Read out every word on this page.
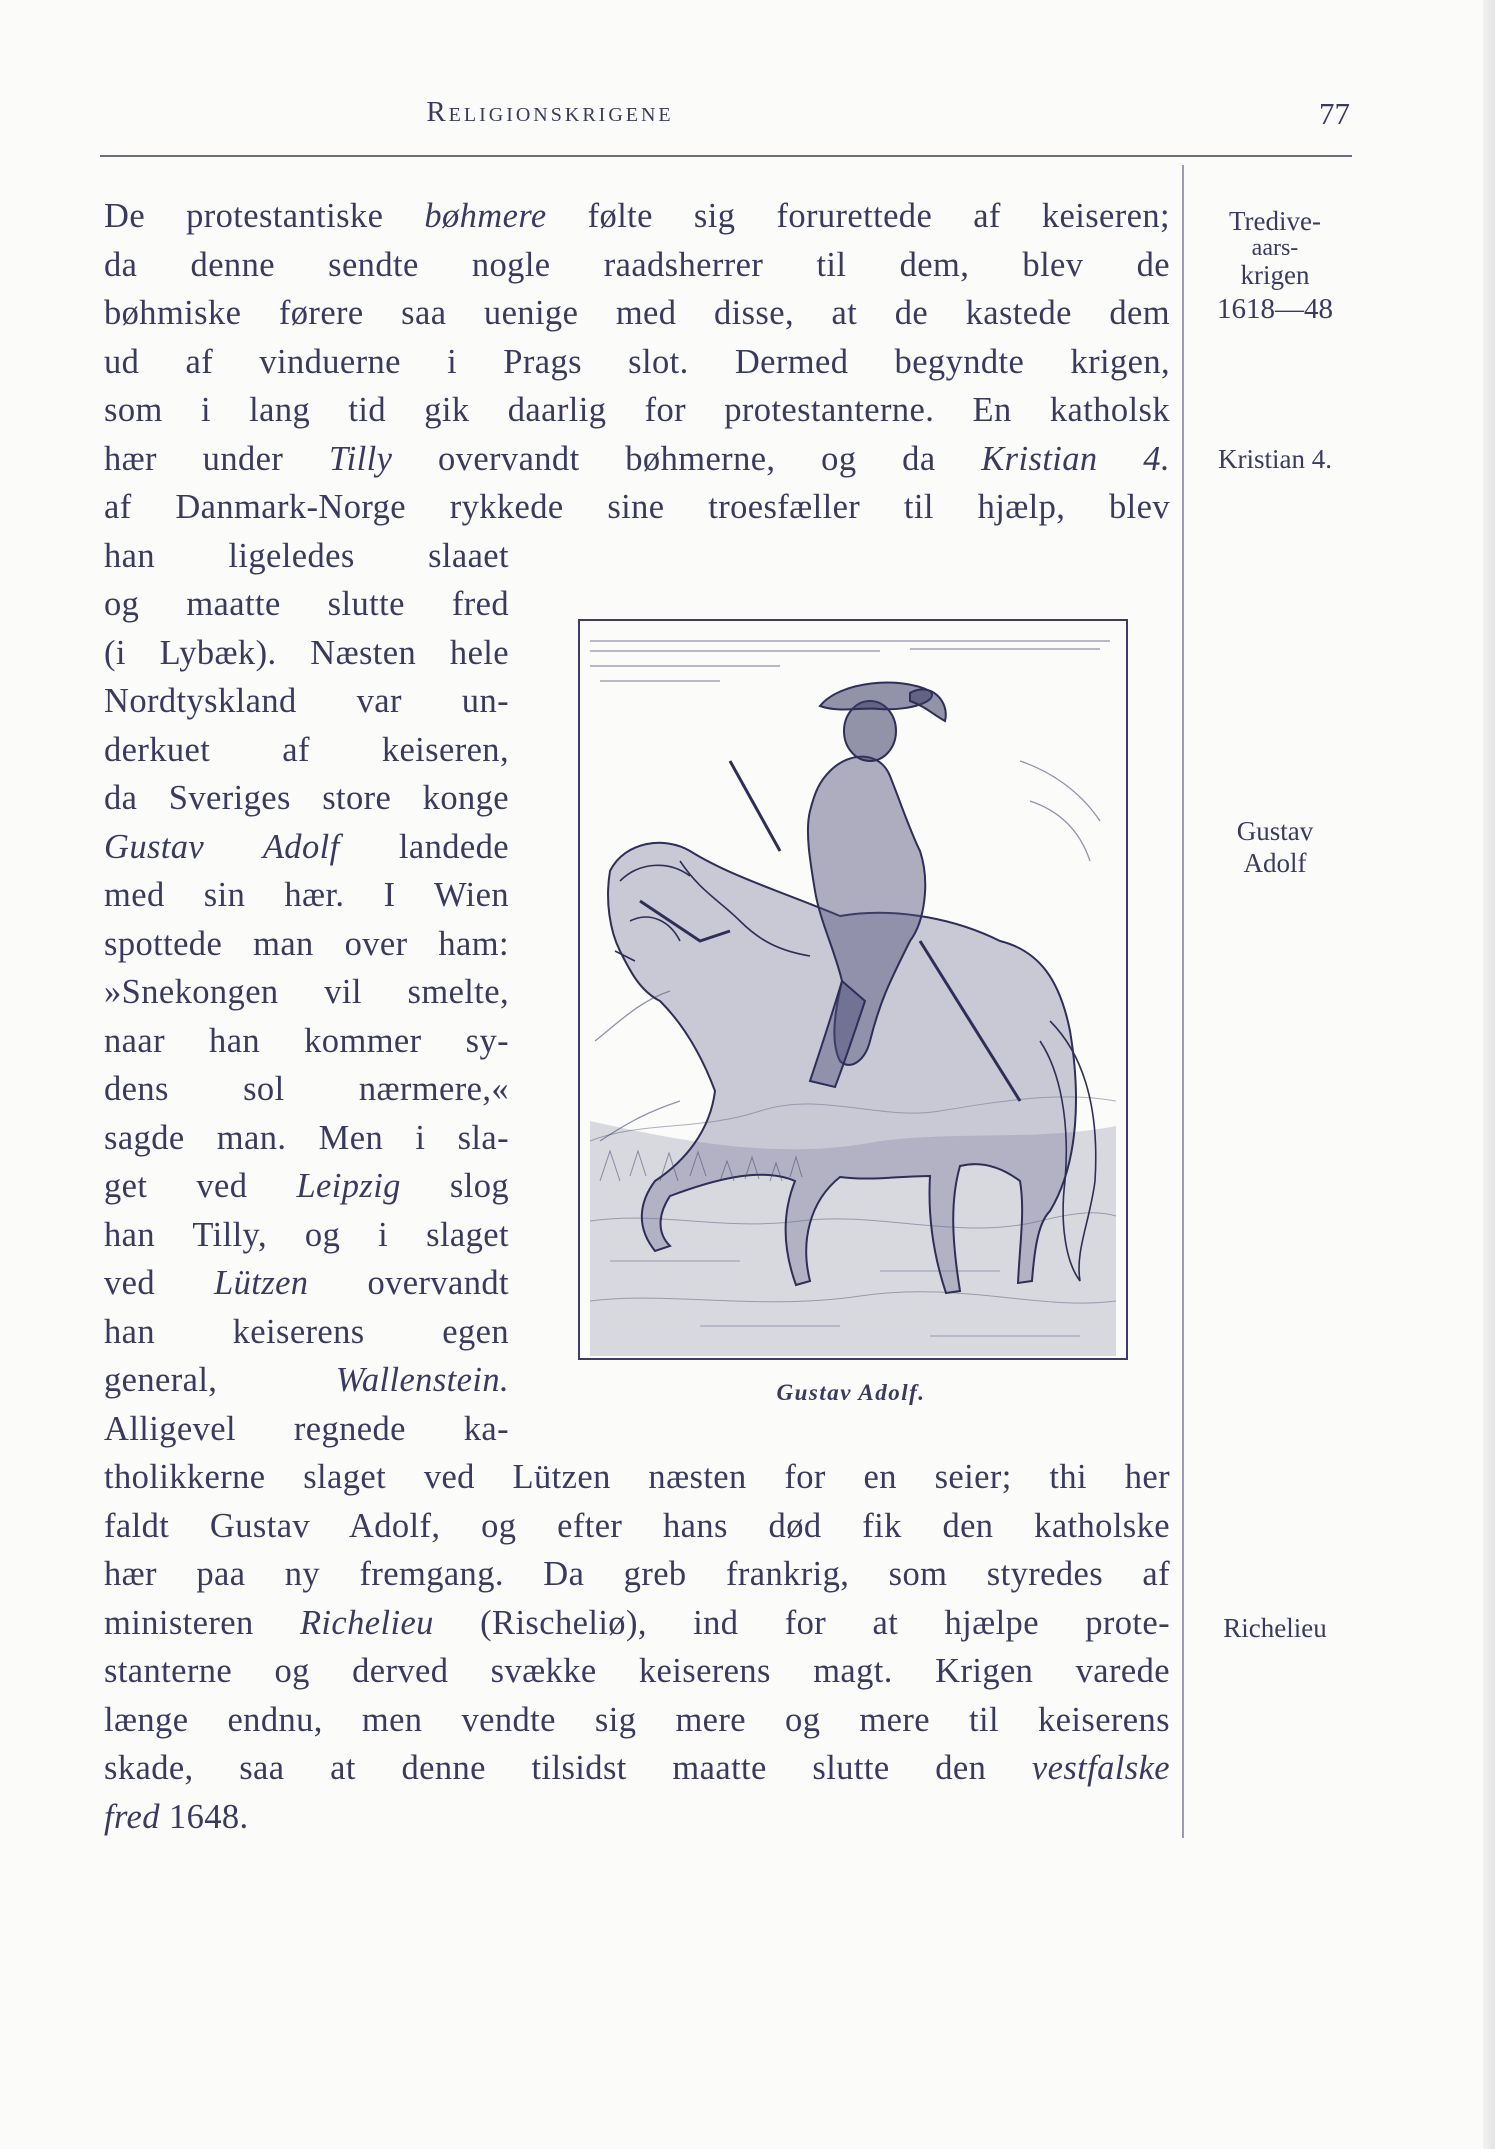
Religionskrigene	77
De protestantiske bøhmere følte sig forurettede af keiseren;
da denne sendte nogle raadsherrer til dem, blev de
bøhmiske førere saa uenige med disse, at de kastede dem
ud af vinduerne i Prags slot. Dermed begyndte krigen,
som i lang tid gik daarlig for protestanterne. En katholsk
hær under Tilly overvandt bøhmerne, og da Kristian 4.
af Danmark-Norge rykkede sine troesfæller til hjælp, blev
han ligeledes slaaet
og maatte slutte fred
(i Lybæk). Næsten hele
Nordtyskland var un-
derkuet af keiseren,
da Sveriges store konge
Gustav Adolf landede
med sin hær. I Wien
spottede man over ham:
»Snekongen vil smelte,
naar han kommer sy-
dens sol nærmere,«
sagde man. Men i sla-
get ved Leipzig slog
han Tilly, og i slaget
ved Lützen overvandt
han keiserens egen
general, Wallenstein.
Alligevel regnede ka-
tholikkerne slaget ved Lützen næsten for en seier; thi her
faldt Gustav Adolf, og efter hans død fik den katholske
hær paa ny fremgang. Da greb frankrig, som styredes af
ministeren Richelieu (Rischeliø), ind for at hjælpe prote-
stanterne og derved svække keiserens magt. Krigen varede
længe endnu, men vendte sig mere og mere til keiserens
skade, saa at denne tilsidst maatte slutte den vestfalske
fred 1648.
Tredive-
aars-
krigen
1618—48
Kristian 4.
Gustav
Adolf
Richelieu
Gustav Adolf.
